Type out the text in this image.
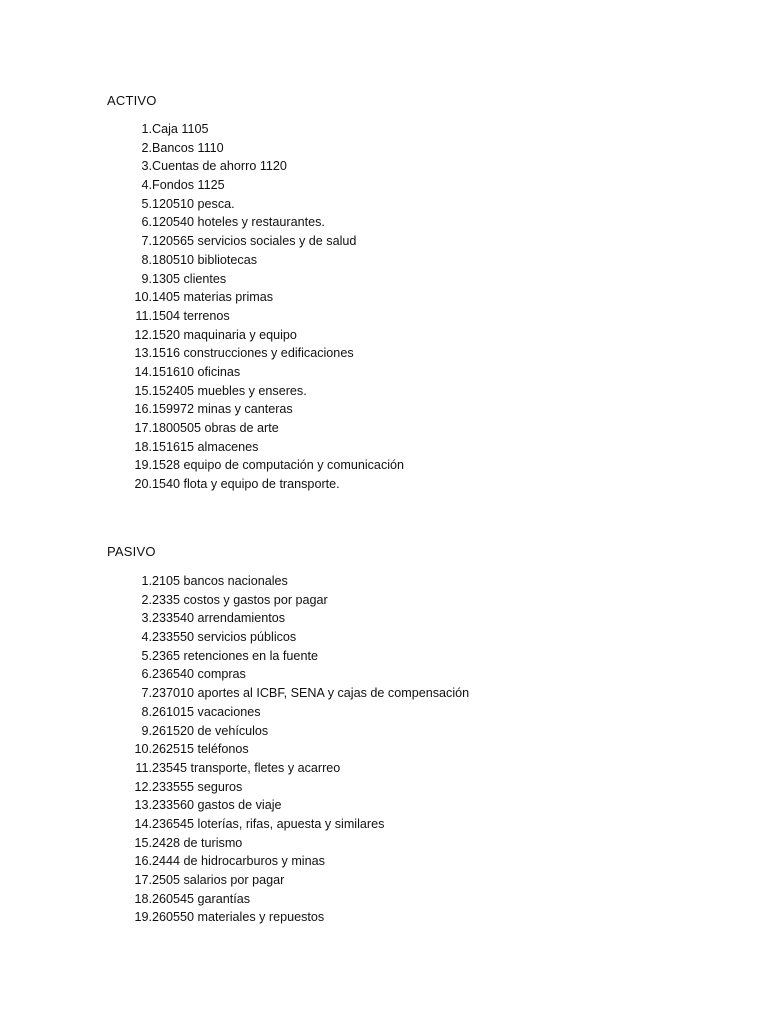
ACTIVO
1. Caja 1105
2. Bancos 1110
3. Cuentas de ahorro 1120
4. Fondos 1125
5. 120510 pesca.
6. 120540 hoteles y restaurantes.
7. 120565 servicios sociales y de salud
8. 180510 bibliotecas
9. 1305 clientes
10. 1405 materias primas
11. 1504 terrenos
12. 1520 maquinaria y equipo
13. 1516 construcciones y edificaciones
14. 151610 oficinas
15. 152405 muebles y enseres.
16. 159972 minas y canteras
17. 1800505 obras de arte
18. 151615 almacenes
19. 1528 equipo de computación y comunicación
20. 1540 flota y equipo de transporte.
PASIVO
1. 2105 bancos nacionales
2. 2335 costos y gastos por pagar
3. 233540 arrendamientos
4. 233550 servicios públicos
5. 2365 retenciones en la fuente
6. 236540 compras
7. 237010 aportes al ICBF, SENA y cajas de compensación
8. 261015 vacaciones
9. 261520 de vehículos
10. 262515 teléfonos
11. 23545 transporte, fletes y acarreo
12. 233555 seguros
13. 233560 gastos de viaje
14. 236545 loterías, rifas, apuesta y similares
15. 2428 de turismo
16. 2444 de hidrocarburos y minas
17. 2505 salarios por pagar
18. 260545 garantías
19. 260550 materiales y repuestos
